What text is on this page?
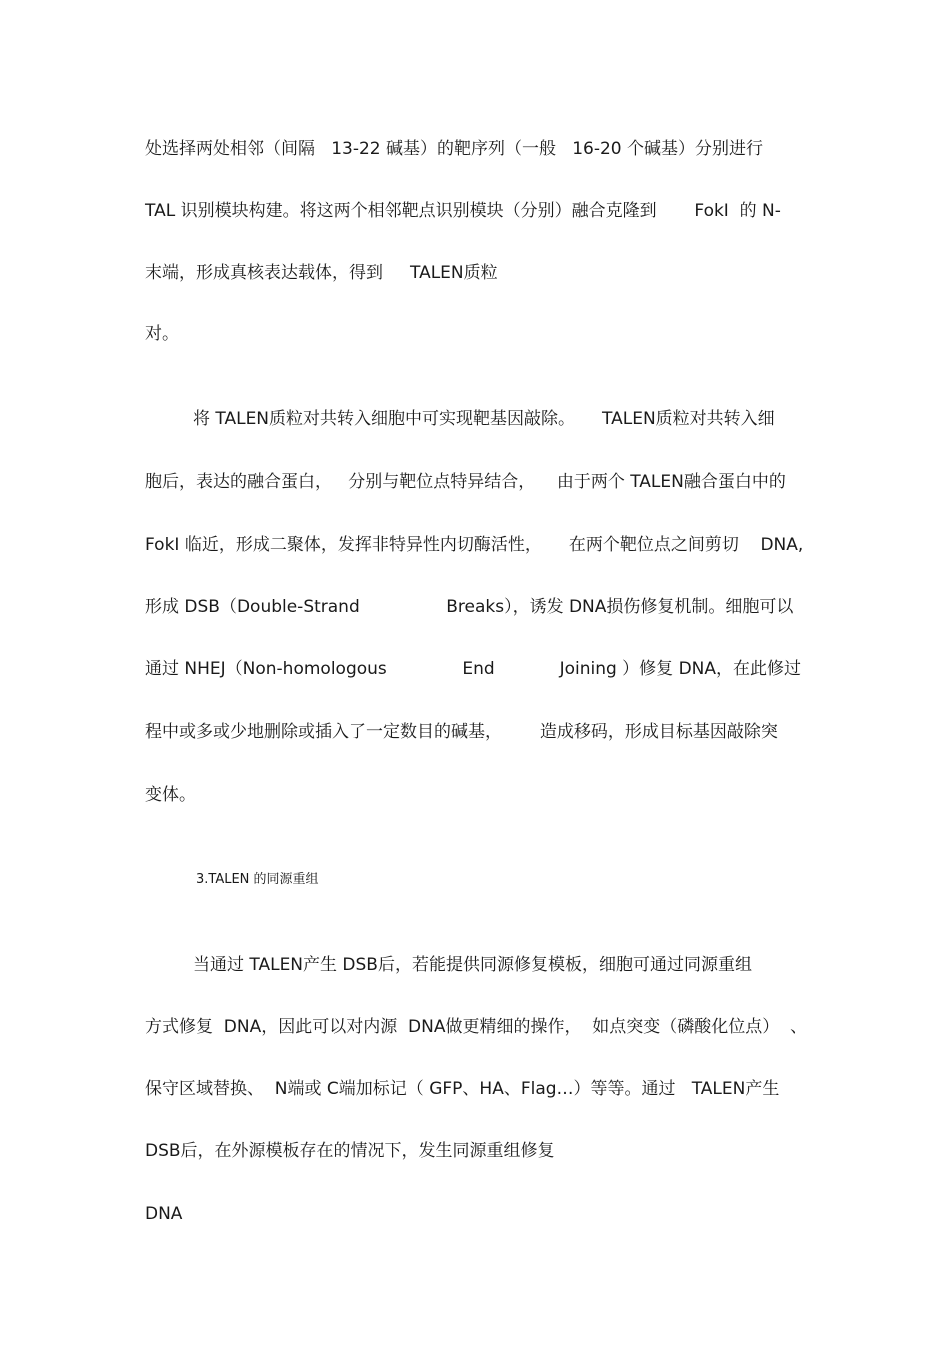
处选择两处相邻（间隔   13-22 碱基）的靶序列（一般   16-20 个碱基）分别进行
TAL 识别模块构建。将这两个相邻靶点识别模块（分别）融合克隆到       FokI  的 N-
末端，形成真核表达载体，得到     TALEN质粒
对。
将 TALEN质粒对共转入细胞中可实现靶基因敲除。     TALEN质粒对共转入细
胞后，表达的融合蛋白，   分别与靶位点特异结合，    由于两个 TALEN融合蛋白中的
FokI 临近，形成二聚体，发挥非特异性内切酶活性，     在两个靶位点之间剪切    DNA,
形成 DSB（Double-Strand                Breaks），诱发 DNA损伤修复机制。细胞可以
通过 NHEJ（Non-homologous              End            Joining ）修复 DNA，在此修过
程中或多或少地删除或插入了一定数目的碱基，       造成移码，形成目标基因敲除突
变体。
3.TALEN 的同源重组
当通过 TALEN产生 DSB后，若能提供同源修复模板，细胞可通过同源重组
方式修复  DNA，因此可以对内源  DNA做更精细的操作，  如点突变（磷酸化位点）  、
保守区域替换、  N端或 C端加标记（ GFP、HA、Flag…）等等。通过   TALEN产生
DSB后，在外源模板存在的情况下，发生同源重组修复
DNA
